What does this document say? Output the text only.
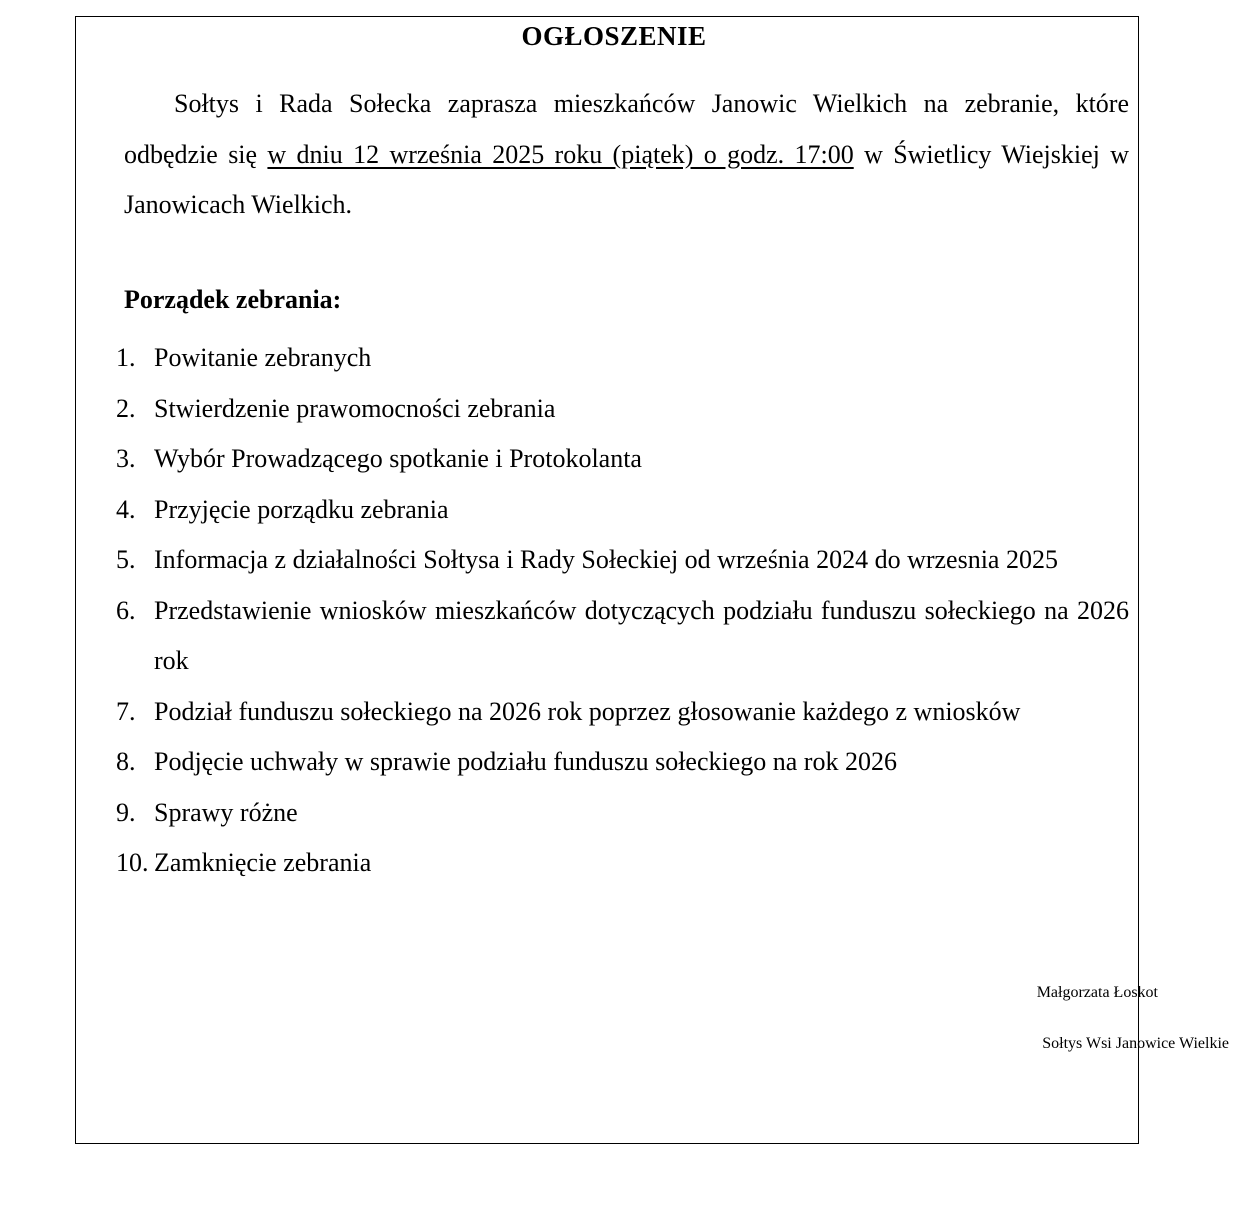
OGŁOSZENIE

Sołtys i Rada Sołecka zaprasza mieszkańców Janowic Wielkich na zebranie, które odbędzie się w dniu 12 września 2025 roku (piątek) o godz. 17:00 w Świetlicy Wiejskiej w Janowicach Wielkich.

Porządek zebrania:
1. Powitanie zebranych
2. Stwierdzenie prawomocności zebrania
3. Wybór Prowadzącego spotkanie i Protokolanta
4. Przyjęcie porządku zebrania
5. Informacja z działalności Sołtysa i Rady Sołeckiej od września 2024 do wrzesnia 2025
6. Przedstawienie wniosków mieszkańców dotyczących podziału funduszu sołeckiego na 2026 rok
7. Podział funduszu sołeckiego na 2026 rok poprzez głosowanie każdego z wniosków
8. Podjęcie uchwały w sprawie podziału funduszu sołeckiego na rok 2026
9. Sprawy różne
10. Zamknięcie zebrania
Małgorzata Łoskot
Sołtys Wsi Janowice Wielkie
